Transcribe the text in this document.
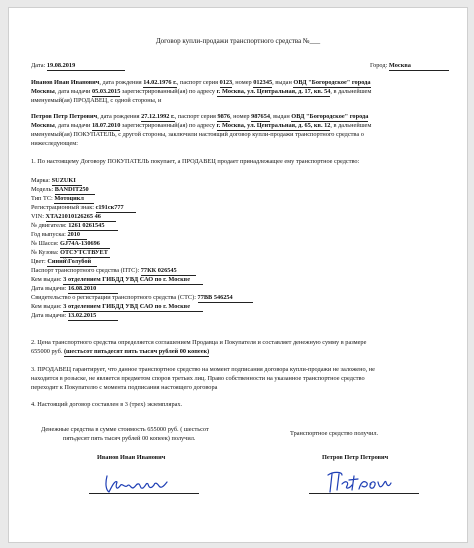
Договор купли-продажи транспортного средства №___
Дата: 19.08.2019	Город: Москва
Иванов Иван Иванович, дата рождения 14.02.1976 г., паспорт серия 0123, номер 012345, выдан ОВД "Богородское" города
Москвы, дата выдачи 05.03.2015 зарегистрированный(ая) по адресу г. Москва, ул. Центральная, д. 17, кв. 54, в дальнейшем
именуемый(ая) ПРОДАВЕЦ, с одной стороны, и
Петров Петр Петрович, дата рождения 27.12.1992 г., паспорт серия 9876, номер 987654, выдан ОВД "Богородское" города
Москвы, дата выдачи 18.07.2010 зарегистрированный(ая) по адресу г. Москва, ул. Центральная, д. 65, кв. 12, в дальнейшем
именуемый(ая) ПОКУПАТЕЛЬ, с другой стороны, заключили настоящий договор купли-продажи транспортного средства о
нижеследующем:
1. По настоящему Договору ПОКУПАТЕЛЬ покупает, а ПРОДАВЕЦ продает принадлежащее ему транспортное средство:
Марка: SUZUKI
Модель: BANDIT250
Тип ТС: Мотоцикл
Регистрационный знак: с191ск777
VIN: XTA21010126265 46
№ двигателя: 1261 0261545
Год выпуска: 2010
№ Шасси: GJ74A-130696
№ Кузова: ОТСУТСТВУЕТ
Цвет: Синий\Голубой
Паспорт транспортного средства (ПТС): 77КК 026545
Кем выдан: 3 отделением ГИБДД УВД САО по г. Москве
Дата выдачи: 16.08.2010
Свидетельство о регистрации транспортного средства (СТС): 77ВВ 546254
Кем выдан: 3 отделением ГИБДД УВД САО по г. Москве
Дата выдачи: 13.02.2015
2. Цена транспортного средства определяется соглашением Продавца и Покупателя и составляет денежную сумму в размере
655000 руб. (шестьсот пятьдесят пять тысяч рублей 00 копеек)
3. ПРОДАВЕЦ гарантирует, что данное транспортное средство на момент подписания договора купли-продажи не заложено, не
находится в розыске, не является предметом споров третьих лиц. Право собственности на указанное транспортное средство
переходит к Покупателю с момента подписания настоящего договора
4. Настоящий договор составлен в 3 (трех) экземплярах.
Денежные средства в сумме стоимость 655000 руб. ( шестьсот
пятьдесят пять тысяч рублей 00 копеек) получил.
Транспортное средство получил.
Иванов Иван Иванович	Петров Петр Петрович
